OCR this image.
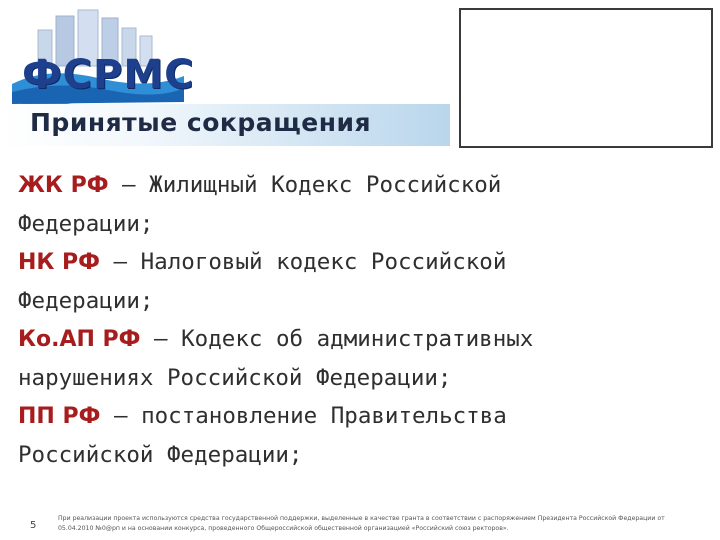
ФСРМС
Принятые сокращения
ЖК РФ – Жилищный Кодекс Российской
Федерации;
НК РФ – Налоговый кодекс Российской
Федерации;
Ко.АП РФ – Кодекс об административных
нарушениях Российской Федерации;
ПП РФ – постановление Правительства
Российской Федерации;
5
При реализации проекта используются средства государственной поддержки, выделенные в качестве гранта в соответствии с распоряжением Президента Российской Федерации от
05.04.2010 №0@рп и на основании конкурса, проведенного Общероссийской общественной организацией «Российский союз ректоров».
